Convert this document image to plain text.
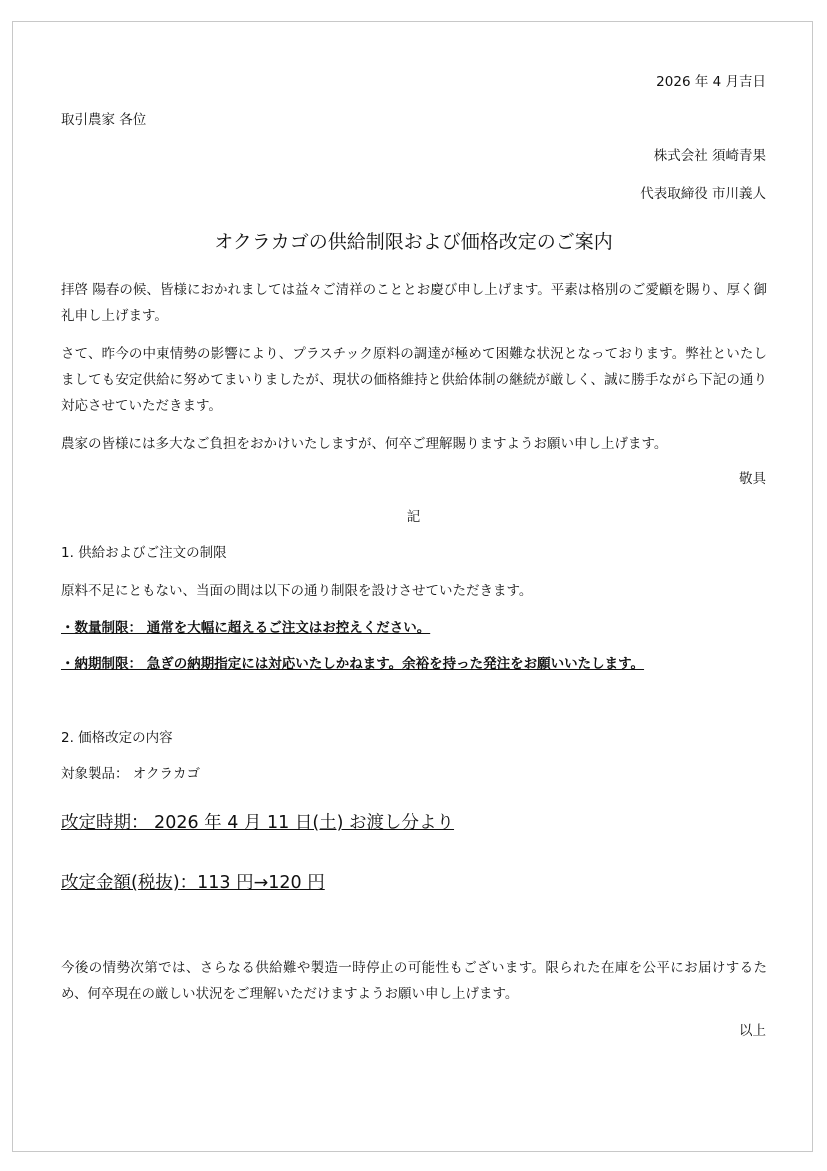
2026 年 4 月吉日
取引農家 各位
株式会社 須崎青果
代表取締役 市川義人
オクラカゴの供給制限および価格改定のご案内
拝啓 陽春の候、皆様におかれましては益々ご清祥のこととお慶び申し上げます。平素は格別のご愛顧を賜り、厚く御礼申し上げます。
さて、昨今の中東情勢の影響により、プラスチック原料の調達が極めて困難な状況となっております。弊社といたしましても安定供給に努めてまいりましたが、現状の価格維持と供給体制の継続が厳しく、誠に勝手ながら下記の通り対応させていただきます。
農家の皆様には多大なご負担をおかけいたしますが、何卒ご理解賜りますようお願い申し上げます。
敬具
記
1. 供給およびご注文の制限
原料不足にともない、当面の間は以下の通り制限を設けさせていただきます。
・数量制限： 通常を大幅に超えるご注文はお控えください。
・納期制限： 急ぎの納期指定には対応いたしかねます。余裕を持った発注をお願いいたします。
2. 価格改定の内容
対象製品： オクラカゴ
改定時期： 2026 年 4 月 11 日(土) お渡し分より
改定金額(税抜)：113 円→120 円
今後の情勢次第では、さらなる供給難や製造一時停止の可能性もございます。限られた在庫を公平にお届けするため、何卒現在の厳しい状況をご理解いただけますようお願い申し上げます。
以上
